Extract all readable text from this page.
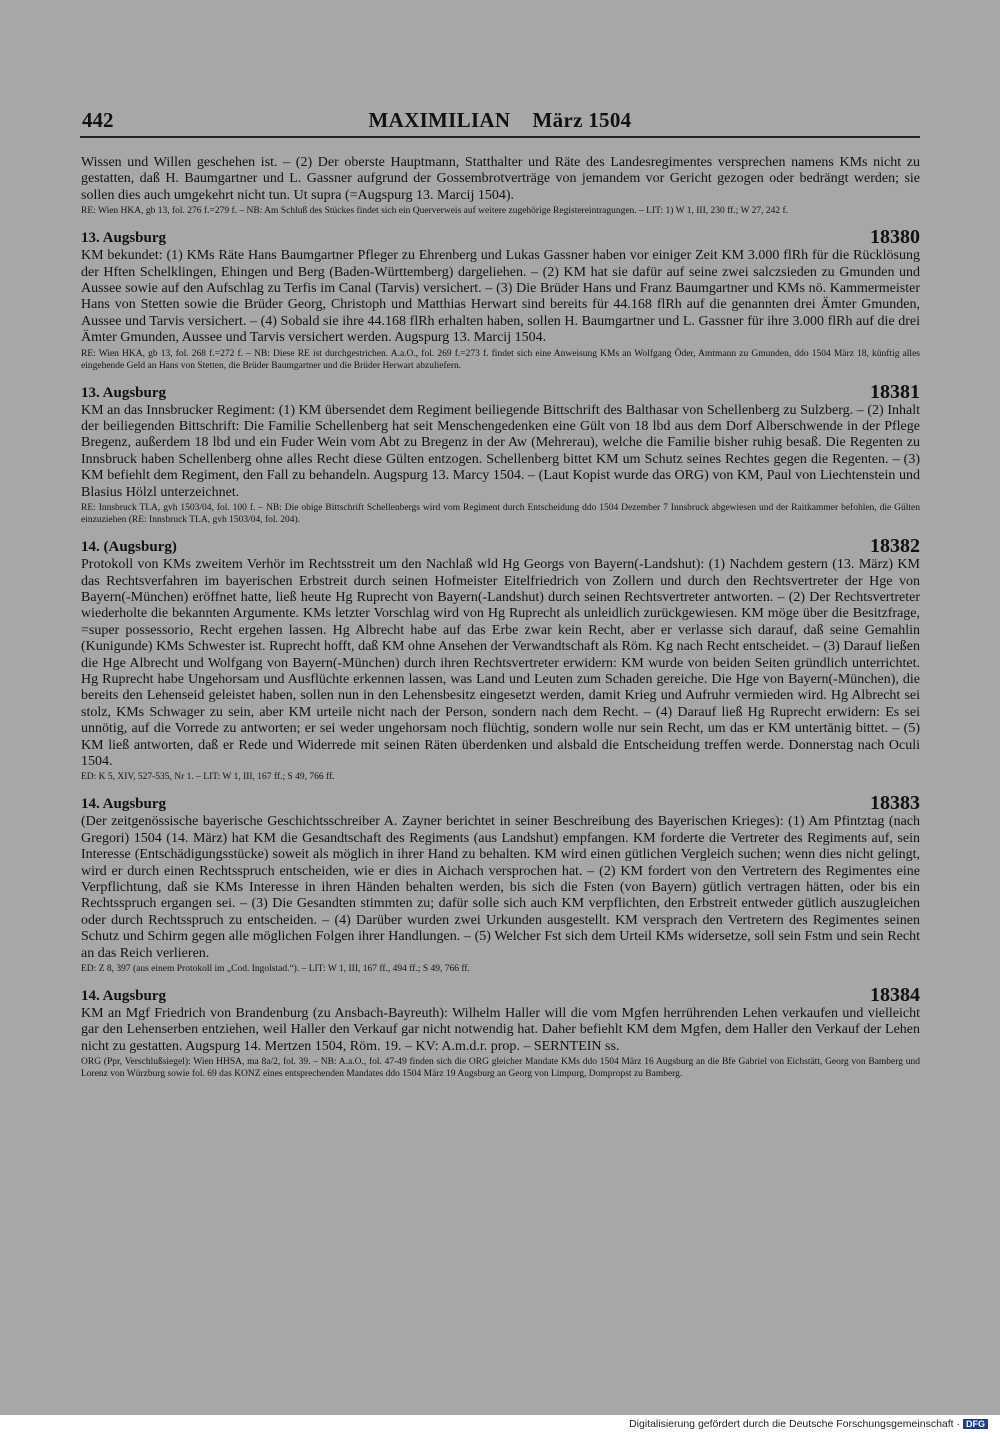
442	MAXIMILIAN    März 1504

Wissen und Willen geschehen ist. – (2) Der oberste Hauptmann, Statthalter und Räte des Landesregimentes versprechen namens KMs nicht zu gestatten, daß H. Baumgartner und L. Gassner aufgrund der Gossembrotverträge von jemandem vor Gericht gezogen oder bedrängt werden; sie sollen dies auch umgekehrt nicht tun. Ut supra (=Augspurg 13. Marcij 1504).

RE: Wien HKA, gb 13, fol. 276 f.=279 f. – NB: Am Schluß des Stückes findet sich ein Querverweis auf weitere zugehörige Registereintragungen. – LIT: 1) W 1, III, 230 ff.; W 27, 242 f.

13. Augsburg	18380

KM bekundet: (1) KMs Räte Hans Baumgartner Pfleger zu Ehrenberg und Lukas Gassner haben vor einiger Zeit KM 3.000 flRh für die Rücklösung der Hften Schelklingen, Ehingen und Berg (Baden-Württemberg) dargeliehen. – (2) KM hat sie dafür auf seine zwei salczsieden zu Gmunden und Aussee sowie auf den Aufschlag zu Terfis im Canal (Tarvis) versichert. – (3) Die Brüder Hans und Franz Baumgartner und KMs nö. Kammermeister Hans von Stetten sowie die Brüder Georg, Christoph und Matthias Herwart sind bereits für 44.168 flRh auf die genannten drei Ämter Gmunden, Aussee und Tarvis versichert. – (4) Sobald sie ihre 44.168 flRh erhalten haben, sollen H. Baumgartner und L. Gassner für ihre 3.000 flRh auf die drei Ämter Gmunden, Aussee und Tarvis versichert werden. Augspurg 13. Marcij 1504.

RE: Wien HKA, gb 13, fol. 268 f.=272 f. – NB: Diese RE ist durchgestrichen. A.a.O., fol. 269 f.=273 f. findet sich eine Anweisung KMs an Wolfgang Öder, Amtmann zu Gmunden, ddo 1504 März 18, künftig alles eingehende Geld an Hans von Stetten, die Brüder Baumgartner und die Brüder Herwart abzuliefern.

13. Augsburg	18381

KM an das Innsbrucker Regiment: (1) KM übersendet dem Regiment beiliegende Bittschrift des Balthasar von Schellenberg zu Sulzberg. – (2) Inhalt der beiliegenden Bittschrift: Die Familie Schellenberg hat seit Menschengedenken eine Gült von 18 lbd aus dem Dorf Alberschwende in der Pflege Bregenz, außerdem 18 lbd und ein Fuder Wein vom Abt zu Bregenz in der Aw (Mehrerau), welche die Familie bisher ruhig besaß. Die Regenten zu Innsbruck haben Schellenberg ohne alles Recht diese Gülten entzogen. Schellenberg bittet KM um Schutz seines Rechtes gegen die Regenten. – (3) KM befiehlt dem Regiment, den Fall zu behandeln. Augspurg 13. Marcy 1504. – (Laut Kopist wurde das ORG) von KM, Paul von Liechtenstein und Blasius Hölzl unterzeichnet.

RE: Innsbruck TLA, gvh 1503/04, fol. 100 f. – NB: Die obige Bittschrift Schellenbergs wird vom Regiment durch Entscheidung ddo 1504 Dezember 7 Innsbruck abgewiesen und der Raitkammer befohlen, die Gülten einzuziehen (RE: Innsbruck TLA, gvh 1503/04, fol. 204).

14. (Augsburg)	18382

Protokoll von KMs zweitem Verhör im Rechtsstreit um den Nachlaß wld Hg Georgs von Bayern(-Landshut): (1) Nachdem gestern (13. März) KM das Rechtsverfahren im bayerischen Erbstreit durch seinen Hofmeister Eitelfriedrich von Zollern und durch den Rechtsvertreter der Hge von Bayern(-München) eröffnet hatte, ließ heute Hg Ruprecht von Bayern(-Landshut) durch seinen Rechtsvertreter antworten. – (2) Der Rechtsvertreter wiederholte die bekannten Argumente. KMs letzter Vorschlag wird von Hg Ruprecht als unleidlich zurückgewiesen. KM möge über die Besitzfrage, =super possessorio, Recht ergehen lassen. Hg Albrecht habe auf das Erbe zwar kein Recht, aber er verlasse sich darauf, daß seine Gemahlin (Kunigunde) KMs Schwester ist. Ruprecht hofft, daß KM ohne Ansehen der Verwandtschaft als Röm. Kg nach Recht entscheidet. – (3) Darauf ließen die Hge Albrecht und Wolfgang von Bayern(-München) durch ihren Rechtsvertreter erwidern: KM wurde von beiden Seiten gründlich unterrichtet. Hg Ruprecht habe Ungehorsam und Ausflüchte erkennen lassen, was Land und Leuten zum Schaden gereiche. Die Hge von Bayern(-München), die bereits den Lehenseid geleistet haben, sollen nun in den Lehensbesitz eingesetzt werden, damit Krieg und Aufruhr vermieden wird. Hg Albrecht sei stolz, KMs Schwager zu sein, aber KM urteile nicht nach der Person, sondern nach dem Recht. – (4) Darauf ließ Hg Ruprecht erwidern: Es sei unnötig, auf die Vorrede zu antworten; er sei weder ungehorsam noch flüchtig, sondern wolle nur sein Recht, um das er KM untertänig bittet. – (5) KM ließ antworten, daß er Rede und Widerrede mit seinen Räten überdenken und alsbald die Entscheidung treffen werde. Donnerstag nach Oculi 1504.

ED: K 5, XIV, 527-535, Nr 1. – LIT: W 1, III, 167 ff.; S 49, 766 ff.

14. Augsburg	18383

(Der zeitgenössische bayerische Geschichtsschreiber A. Zayner berichtet in seiner Beschreibung des Bayerischen Krieges): (1) Am Pfintztag (nach Gregori) 1504 (14. März) hat KM die Gesandtschaft des Regiments (aus Landshut) empfangen. KM forderte die Vertreter des Regiments auf, sein Interesse (Entschädigungsstücke) soweit als möglich in ihrer Hand zu behalten. KM wird einen gütlichen Vergleich suchen; wenn dies nicht gelingt, wird er durch einen Rechtsspruch entscheiden, wie er dies in Aichach versprochen hat. – (2) KM fordert von den Vertretern des Regimentes eine Verpflichtung, daß sie KMs Interesse in ihren Händen behalten werden, bis sich die Fsten (von Bayern) gütlich vertragen hätten, oder bis ein Rechtsspruch ergangen sei. – (3) Die Gesandten stimmten zu; dafür solle sich auch KM verpflichten, den Erbstreit entweder gütlich auszugleichen oder durch Rechtsspruch zu entscheiden. – (4) Darüber wurden zwei Urkunden ausgestellt. KM versprach den Vertretern des Regimentes seinen Schutz und Schirm gegen alle möglichen Folgen ihrer Handlungen. – (5) Welcher Fst sich dem Urteil KMs widersetze, soll sein Fstm und sein Recht an das Reich verlieren.

ED: Z 8, 397 (aus einem Protokoll im „Cod. Ingolstad.“). – LIT: W 1, III, 167 ff., 494 ff.; S 49, 766 ff.

14. Augsburg	18384

KM an Mgf Friedrich von Brandenburg (zu Ansbach-Bayreuth): Wilhelm Haller will die vom Mgfen herrührenden Lehen verkaufen und vielleicht gar den Lehenserben entziehen, weil Haller den Verkauf gar nicht notwendig hat. Daher befiehlt KM dem Mgfen, dem Haller den Verkauf der Lehen nicht zu gestatten. Augspurg 14. Mertzen 1504, Röm. 19. – KV: A.m.d.r. prop. – SERNTEIN ss.

ORG (Ppr, Verschlußsiegel): Wien HHSA, ma 8a/2, fol. 39. – NB: A.a.O., fol. 47-49 finden sich die ORG gleicher Mandate KMs ddo 1504 März 16 Augsburg an die Bfe Gabriel von Eichstätt, Georg von Bamberg und Lorenz von Würzburg sowie fol. 69 das KONZ eines entsprechenden Mandates ddo 1504 März 19 Augsburg an Georg von Limpurg, Dompropst zu Bamberg.

Digitalisierung gefördert durch die Deutsche Forschungsgemeinschaft · DFG
